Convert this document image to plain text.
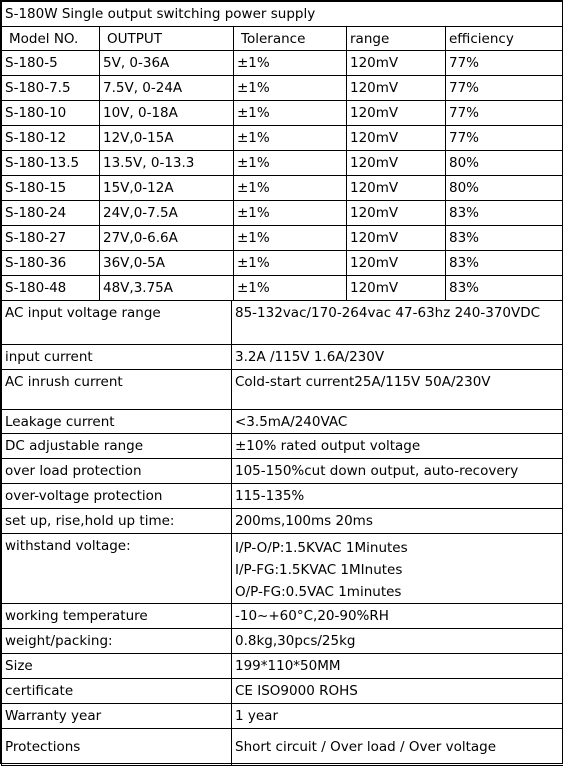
S-180W Single output switching power supply				
Model NO.	OUTPUT	Tolerance	range	efficiency
S-180-5	5V, 0-36A	±1%	120mV	77%
S-180-7.5	7.5V, 0-24A	±1%	120mV	77%
S-180-10	10V, 0-18A	±1%	120mV	77%
S-180-12	12V,0-15A	±1%	120mV	77%
S-180-13.5	13.5V, 0-13.3	±1%	120mV	80%
S-180-15	15V,0-12A	±1%	120mV	80%
S-180-24	24V,0-7.5A	±1%	120mV	83%
S-180-27	27V,0-6.6A	±1%	120mV	83%
S-180-36	36V,0-5A	±1%	120mV	83%
S-180-48	48V,3.75A	±1%	120mV	83%
AC input voltage range	85-132vac/170-264vac 47-63hz 240-370VDC
input current	3.2A /115V 1.6A/230V
AC inrush current	Cold-start current25A/115V 50A/230V
Leakage current	<3.5mA/240VAC
DC adjustable range	±10% rated output voltage
over load protection	105-150%cut down output, auto-recovery
over-voltage protection	115-135%
set up, rise,hold up time:	200ms,100ms 20ms
withstand voltage:	I/P-O/P:1.5KVAC 1Minutes
I/P-FG:1.5KVAC 1MInutes
O/P-FG:0.5VAC 1minutes

working temperature	-10~+60°C,20-90%RH
weight/packing:	0.8kg,30pcs/25kg
Size	199*110*50MM
certificate	CE ISO9000 ROHS
Warranty year	1 year
Protections	Short circuit / Over load / Over voltage
